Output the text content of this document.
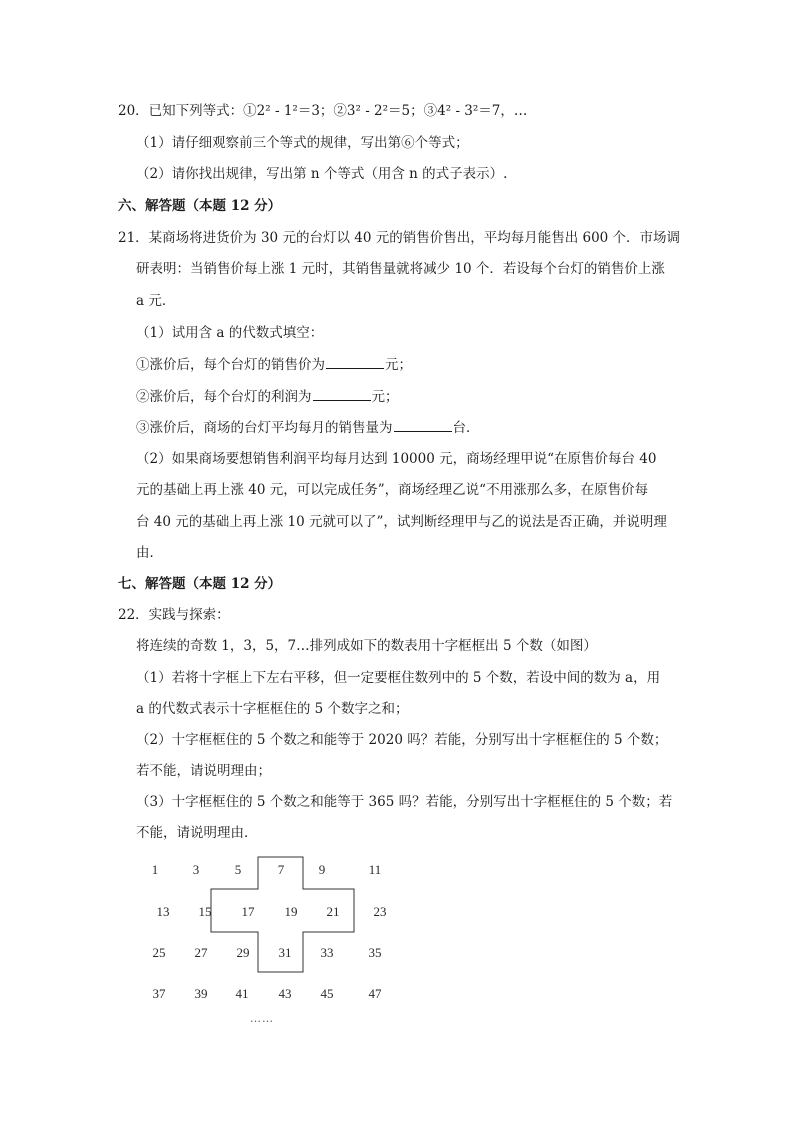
20．已知下列等式：①2² - 1²＝3；②3² - 2²＝5；③4² - 3²＝7，…
（1）请仔细观察前三个等式的规律，写出第⑥个等式；
（2）请你找出规律，写出第 n 个等式（用含 n 的式子表示）.
六、解答题（本题 12 分）
21．某商场将进货价为 30 元的台灯以 40 元的销售价售出，平均每月能售出 600 个．市场调
研表明：当销售价每上涨 1 元时，其销售量就将减少 10 个．若设每个台灯的销售价上涨
a 元．
（1）试用含 a 的代数式填空：
①涨价后，每个台灯的销售价为	元；
②涨价后，每个台灯的利润为	元；
③涨价后，商场的台灯平均每月的销售量为	台．
（2）如果商场要想销售利润平均每月达到 10000 元，商场经理甲说“在原售价每台 40
元的基础上再上涨 40 元，可以完成任务”，商场经理乙说“不用涨那么多，在原售价每
台 40 元的基础上再上涨 10 元就可以了”，试判断经理甲与乙的说法是否正确，并说明理
由．
七、解答题（本题 12 分）
22．实践与探索：
将连续的奇数 1，3，5，7…排列成如下的数表用十字框框出 5 个数（如图）
（1）若将十字框上下左右平移，但一定要框住数列中的 5 个数，若设中间的数为 a，用
a 的代数式表示十字框框住的 5 个数字之和；
（2）十字框框住的 5 个数之和能等于 2020 吗？若能，分别写出十字框框住的 5 个数；
若不能，请说明理由；
（3）十字框框住的 5 个数之和能等于 365 吗？若能，分别写出十字框框住的 5 个数；若
不能，请说明理由．
1	3	5	7	9	11
13	15	17	19	21	23
25	27	29	31	33	35
37	39	41	43	45	47
……
